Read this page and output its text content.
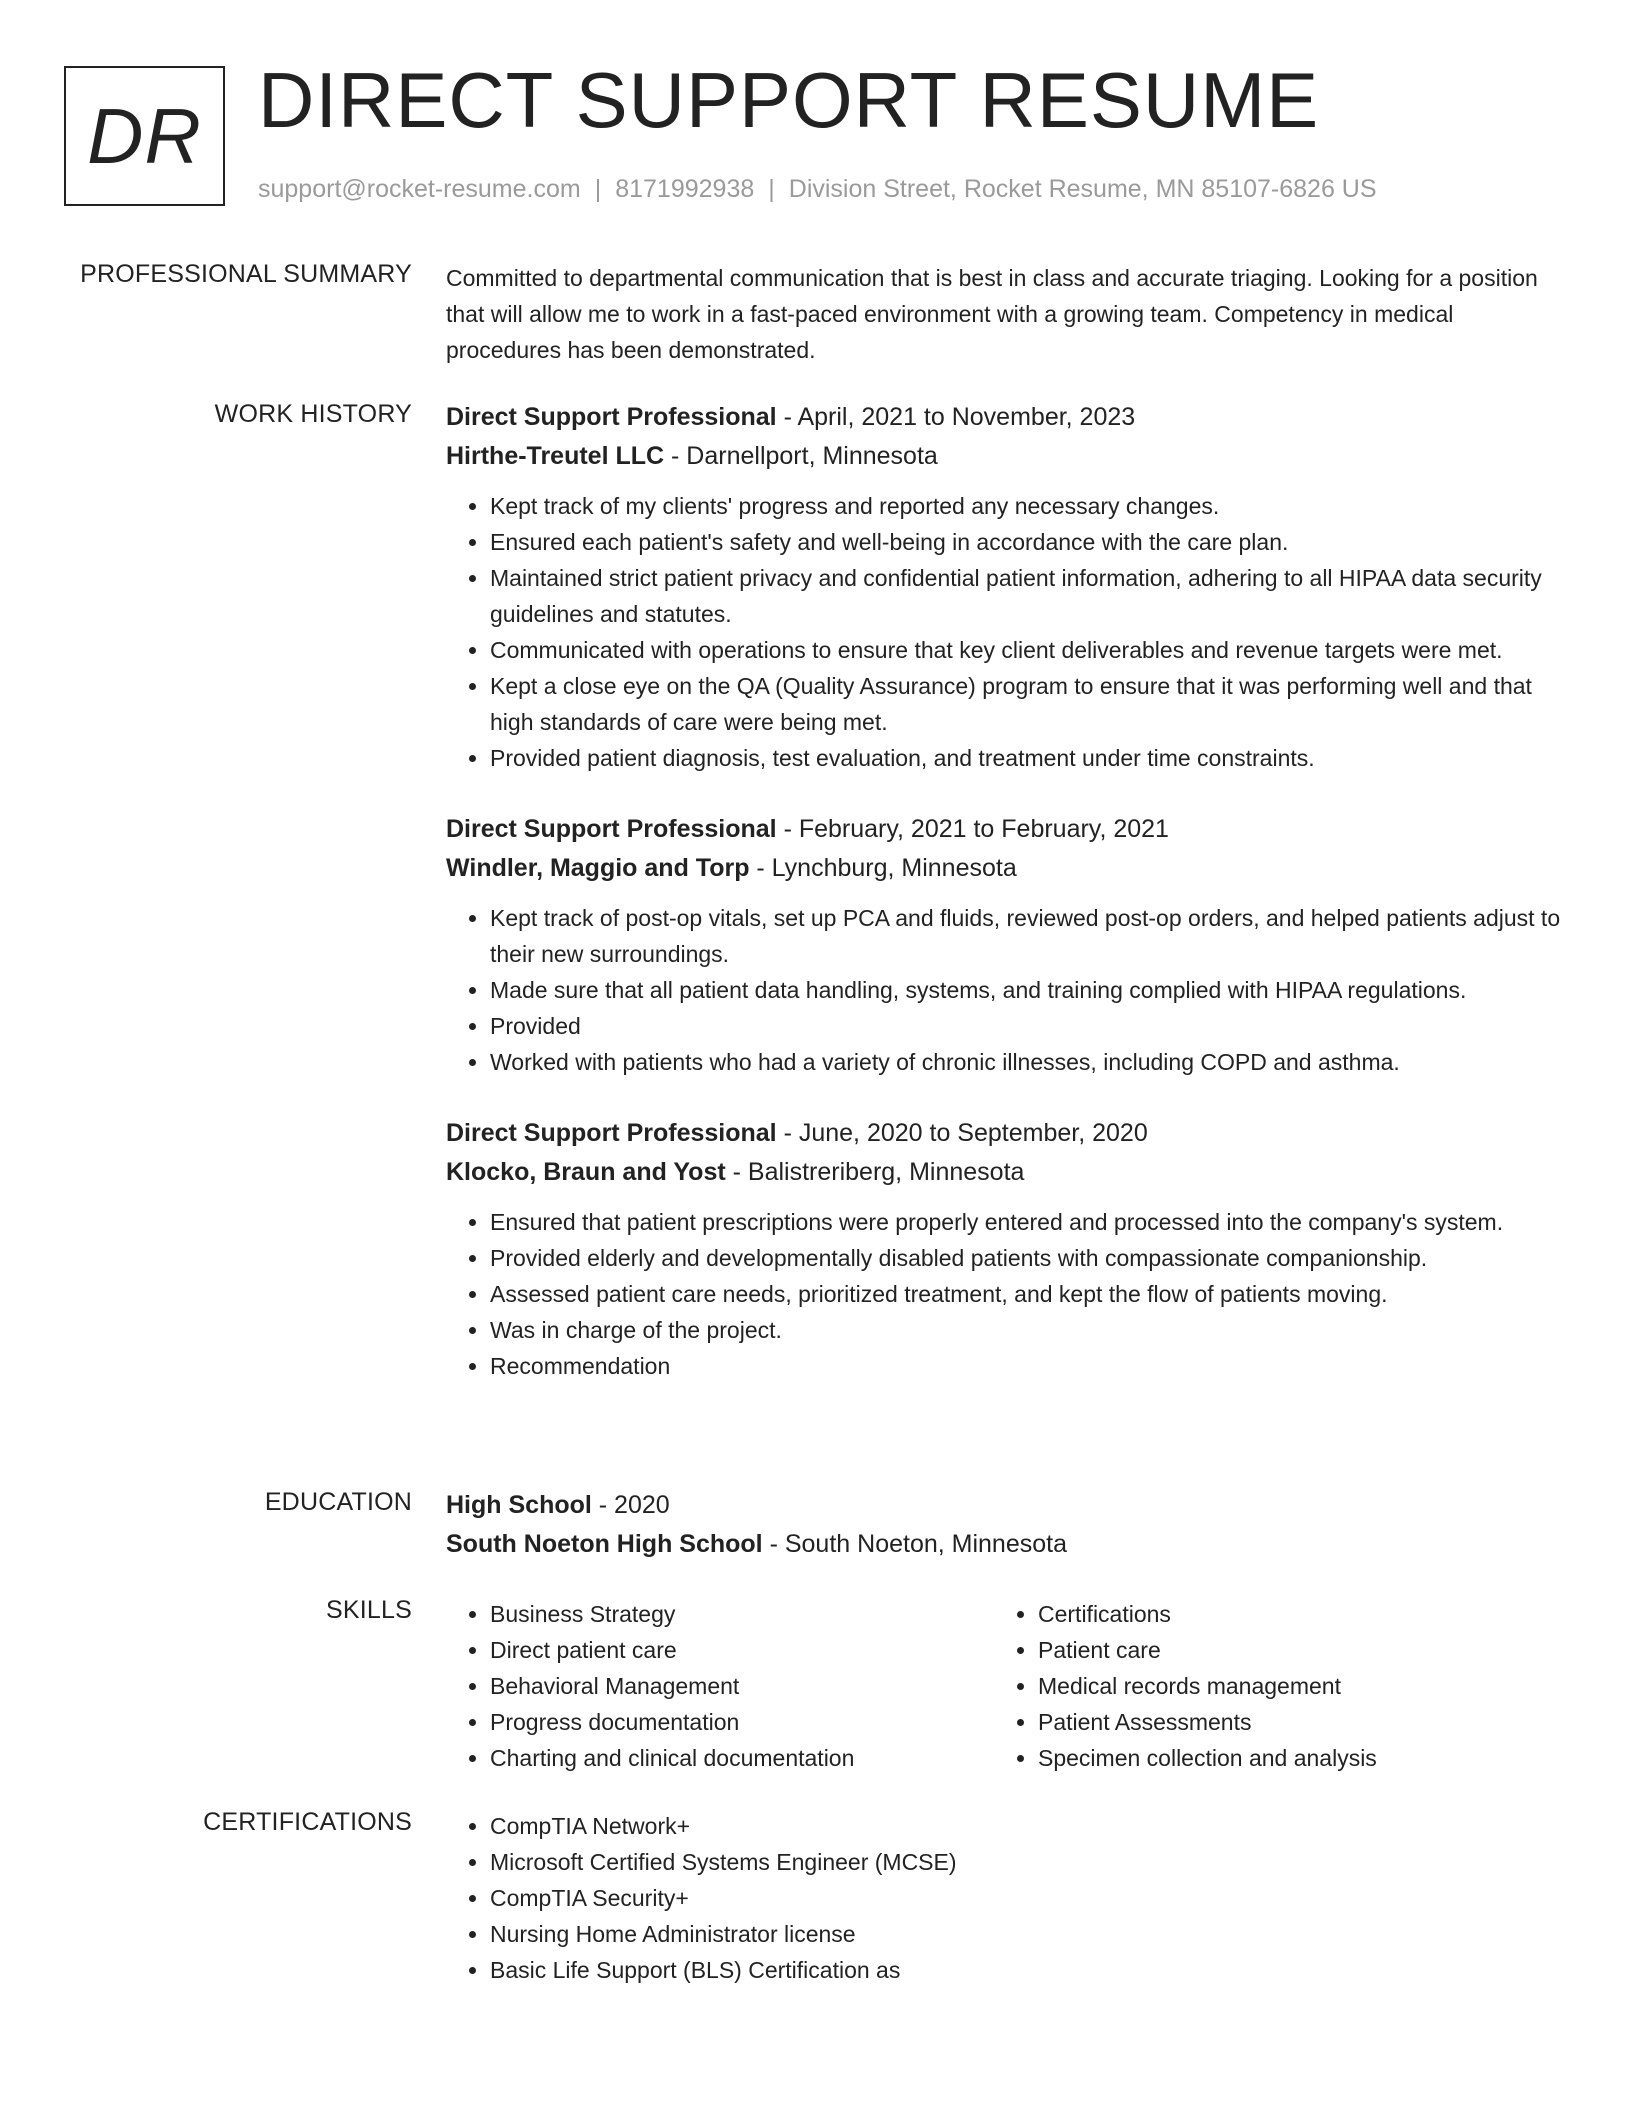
DR DIRECT SUPPORT RESUME
support@rocket-resume.com | 8171992938 | Division Street, Rocket Resume, MN 85107-6826 US
PROFESSIONAL SUMMARY Committed to departmental communication that is best in class and accurate triaging. Looking for a position that will allow me to work in a fast-paced environment with a growing team. Competency in medical procedures has been demonstrated.
WORK HISTORY Direct Support Professional - April, 2021 to November, 2023
Hirthe-Treutel LLC - Darnellport, Minnesota
• Kept track of my clients' progress and reported any necessary changes.
• Ensured each patient's safety and well-being in accordance with the care plan.
• Maintained strict patient privacy and confidential patient information, adhering to all HIPAA data security guidelines and statutes.
• Communicated with operations to ensure that key client deliverables and revenue targets were met.
• Kept a close eye on the QA (Quality Assurance) program to ensure that it was performing well and that high standards of care were being met.
• Provided patient diagnosis, test evaluation, and treatment under time constraints.
Direct Support Professional - February, 2021 to February, 2021
Windler, Maggio and Torp - Lynchburg, Minnesota
• Kept track of post-op vitals, set up PCA and fluids, reviewed post-op orders, and helped patients adjust to their new surroundings.
• Made sure that all patient data handling, systems, and training complied with HIPAA regulations.
• Provided
• Worked with patients who had a variety of chronic illnesses, including COPD and asthma.
Direct Support Professional - June, 2020 to September, 2020
Klocko, Braun and Yost - Balistreriberg, Minnesota
• Ensured that patient prescriptions were properly entered and processed into the company's system.
• Provided elderly and developmentally disabled patients with compassionate companionship.
• Assessed patient care needs, prioritized treatment, and kept the flow of patients moving.
• Was in charge of the project.
• Recommendation
EDUCATION High School - 2020
South Noeton High School - South Noeton, Minnesota
SKILLS	• Business Strategy
• Direct patient care
• Behavioral Management
• Progress documentation
• Charting and clinical documentation
• Certifications
• Patient care
• Medical records management
• Patient Assessments
• Specimen collection and analysis
CERTIFICATIONS	• CompTIA Network+
• Microsoft Certified Systems Engineer (MCSE)
• CompTIA Security+
• Nursing Home Administrator license
• Basic Life Support (BLS) Certification as
